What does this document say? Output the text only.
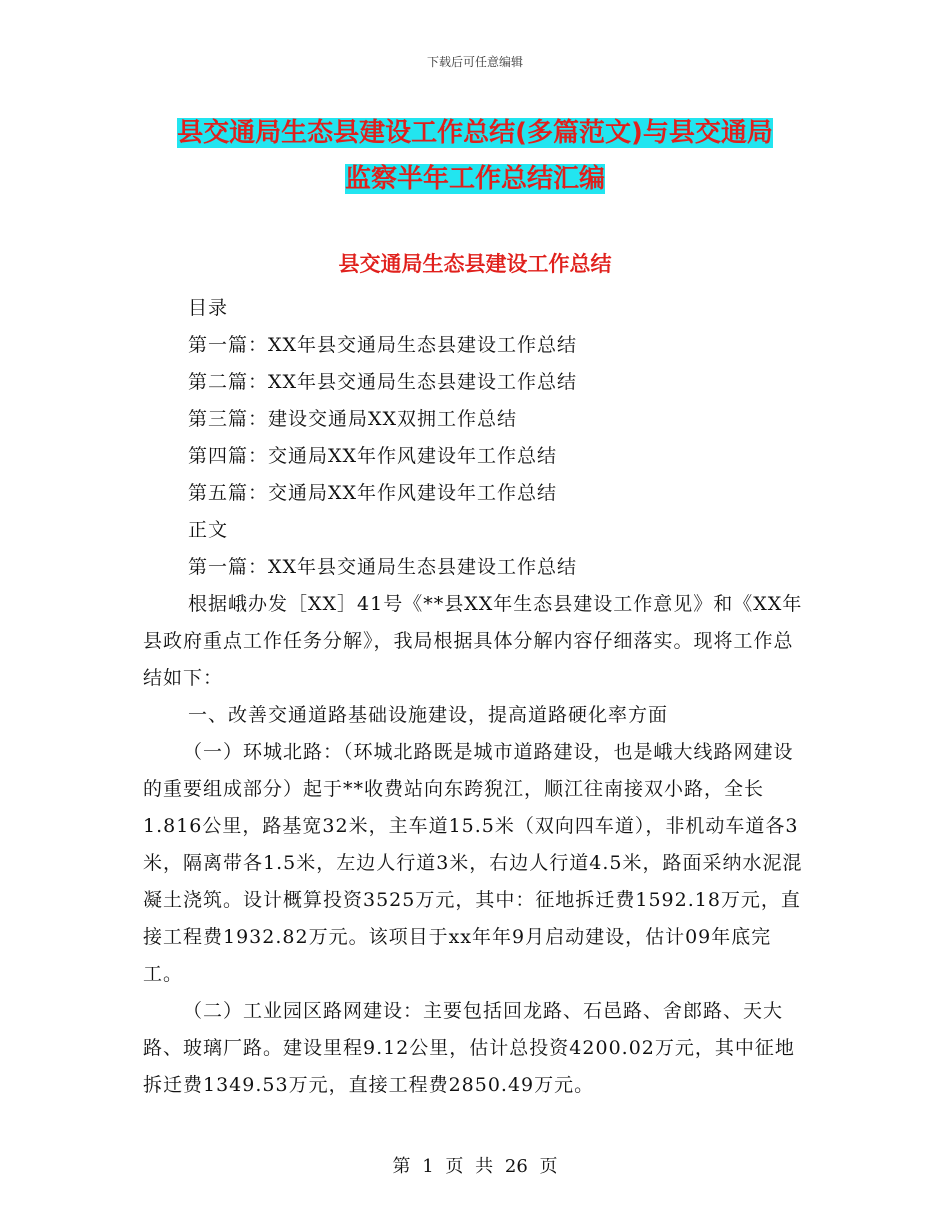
下载后可任意编辑
县交通局生态县建设工作总结(多篇范文)与县交通局
监察半年工作总结汇编
县交通局生态县建设工作总结

目录

第一篇：XX年县交通局生态县建设工作总结

第二篇：XX年县交通局生态县建设工作总结

第三篇：建设交通局XX双拥工作总结

第四篇：交通局XX年作风建设年工作总结

第五篇：交通局XX年作风建设年工作总结

正文

第一篇：XX年县交通局生态县建设工作总结

根据峨办发［XX］41号《**县XX年生态县建设工作意见》和《XX年县政府重点工作任务分解》，我局根据具体分解内容仔细落实。现将工作总结如下：

一、改善交通道路基础设施建设，提高道路硬化率方面

（一）环城北路：（环城北路既是城市道路建设，也是峨大线路网建设的重要组成部分）起于**收费站向东跨猊江，顺江往南接双小路，全长1.816公里，路基宽32米，主车道15.5米（双向四车道），非机动车道各3米，隔离带各1.5米，左边人行道3米，右边人行道4.5米，路面采纳水泥混凝土浇筑。设计概算投资3525万元，其中：征地拆迁费1592.18万元，直接工程费1932.82万元。该项目于xx年年9月启动建设，估计09年底完工。

（二）工业园区路网建设：主要包括回龙路、石邑路、舍郎路、天大路、玻璃厂路。建设里程9.12公里，估计总投资4200.02万元，其中征地拆迁费1349.53万元，直接工程费2850.49万元。

第 1 页 共 26 页
